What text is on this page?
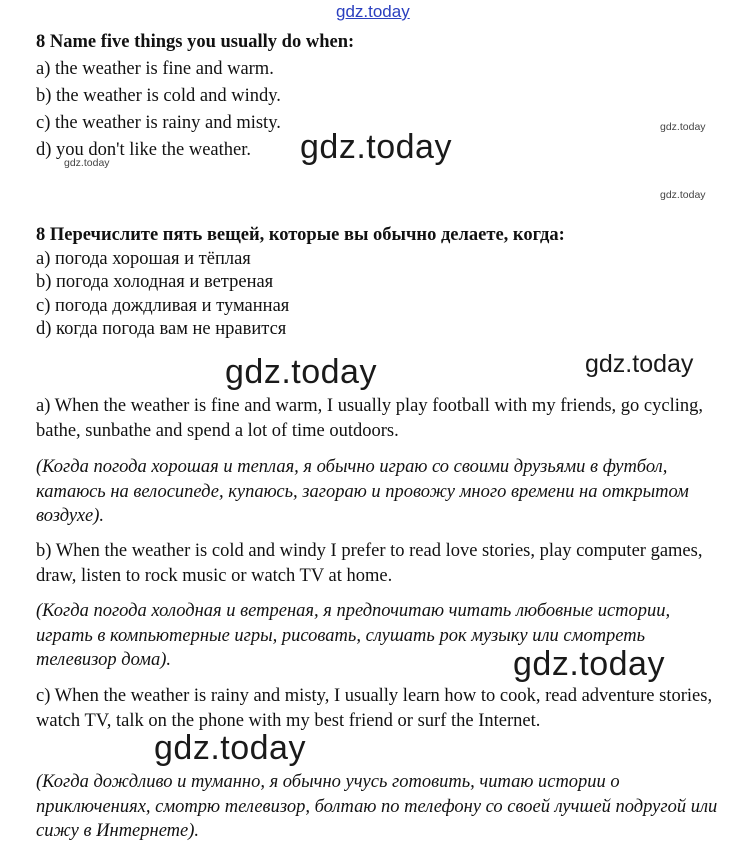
gdz.today
8 Name five things you usually do when:
a) the weather is fine and warm.
b) the weather is cold and windy.
c) the weather is rainy and misty.
d) you don't like the weather.
8 Перечислите пять вещей, которые вы обычно делаете, когда:
a) погода хорошая и тёплая
b) погода холодная и ветреная
c) погода дождливая и туманная
d) когда погода вам не нравится
a) When the weather is fine and warm, I usually play football with my friends, go cycling, bathe, sunbathe and spend a lot of time outdoors.
(Когда погода хорошая и теплая, я обычно играю со своими друзьями в футбол, катаюсь на велосипеде, купаюсь, загораю и провожу много времени на открытом воздухе).
b) When the weather is cold and windy I prefer to read love stories, play computer games, draw, listen to rock music or watch TV at home.
(Когда погода холодная и ветреная, я предпочитаю читать любовные истории, играть в компьютерные игры, рисовать, слушать рок музыку или смотреть телевизор дома).
c) When the weather is rainy and misty, I usually learn how to cook, read adventure stories, watch TV, talk on the phone with my best friend or surf the Internet.
(Когда дождливо и туманно, я обычно учусь готовить, читаю истории о приключениях, смотрю телевизор, болтаю по телефону со своей лучшей подругой или сижу в Интернете).
gdz.today
gdz.today
gdz.today
gdz.today
gdz.today	gdz.today
gdz.today
gdz.today
